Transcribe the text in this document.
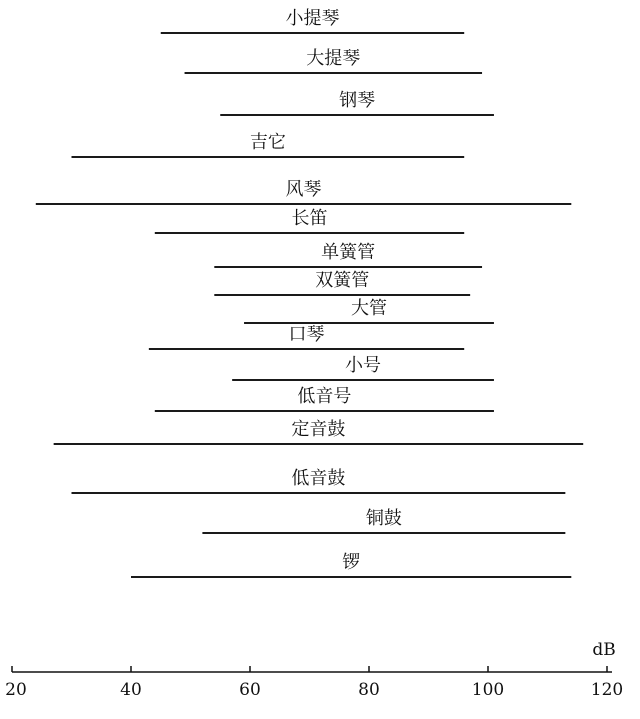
小提琴
大提琴
钢琴
吉它
风琴
长笛
单簧管
双簧管
大管
口琴
小号
低音号
定音鼓
低音鼓
铜鼓
锣
dB
20	40	60	80	100	120
